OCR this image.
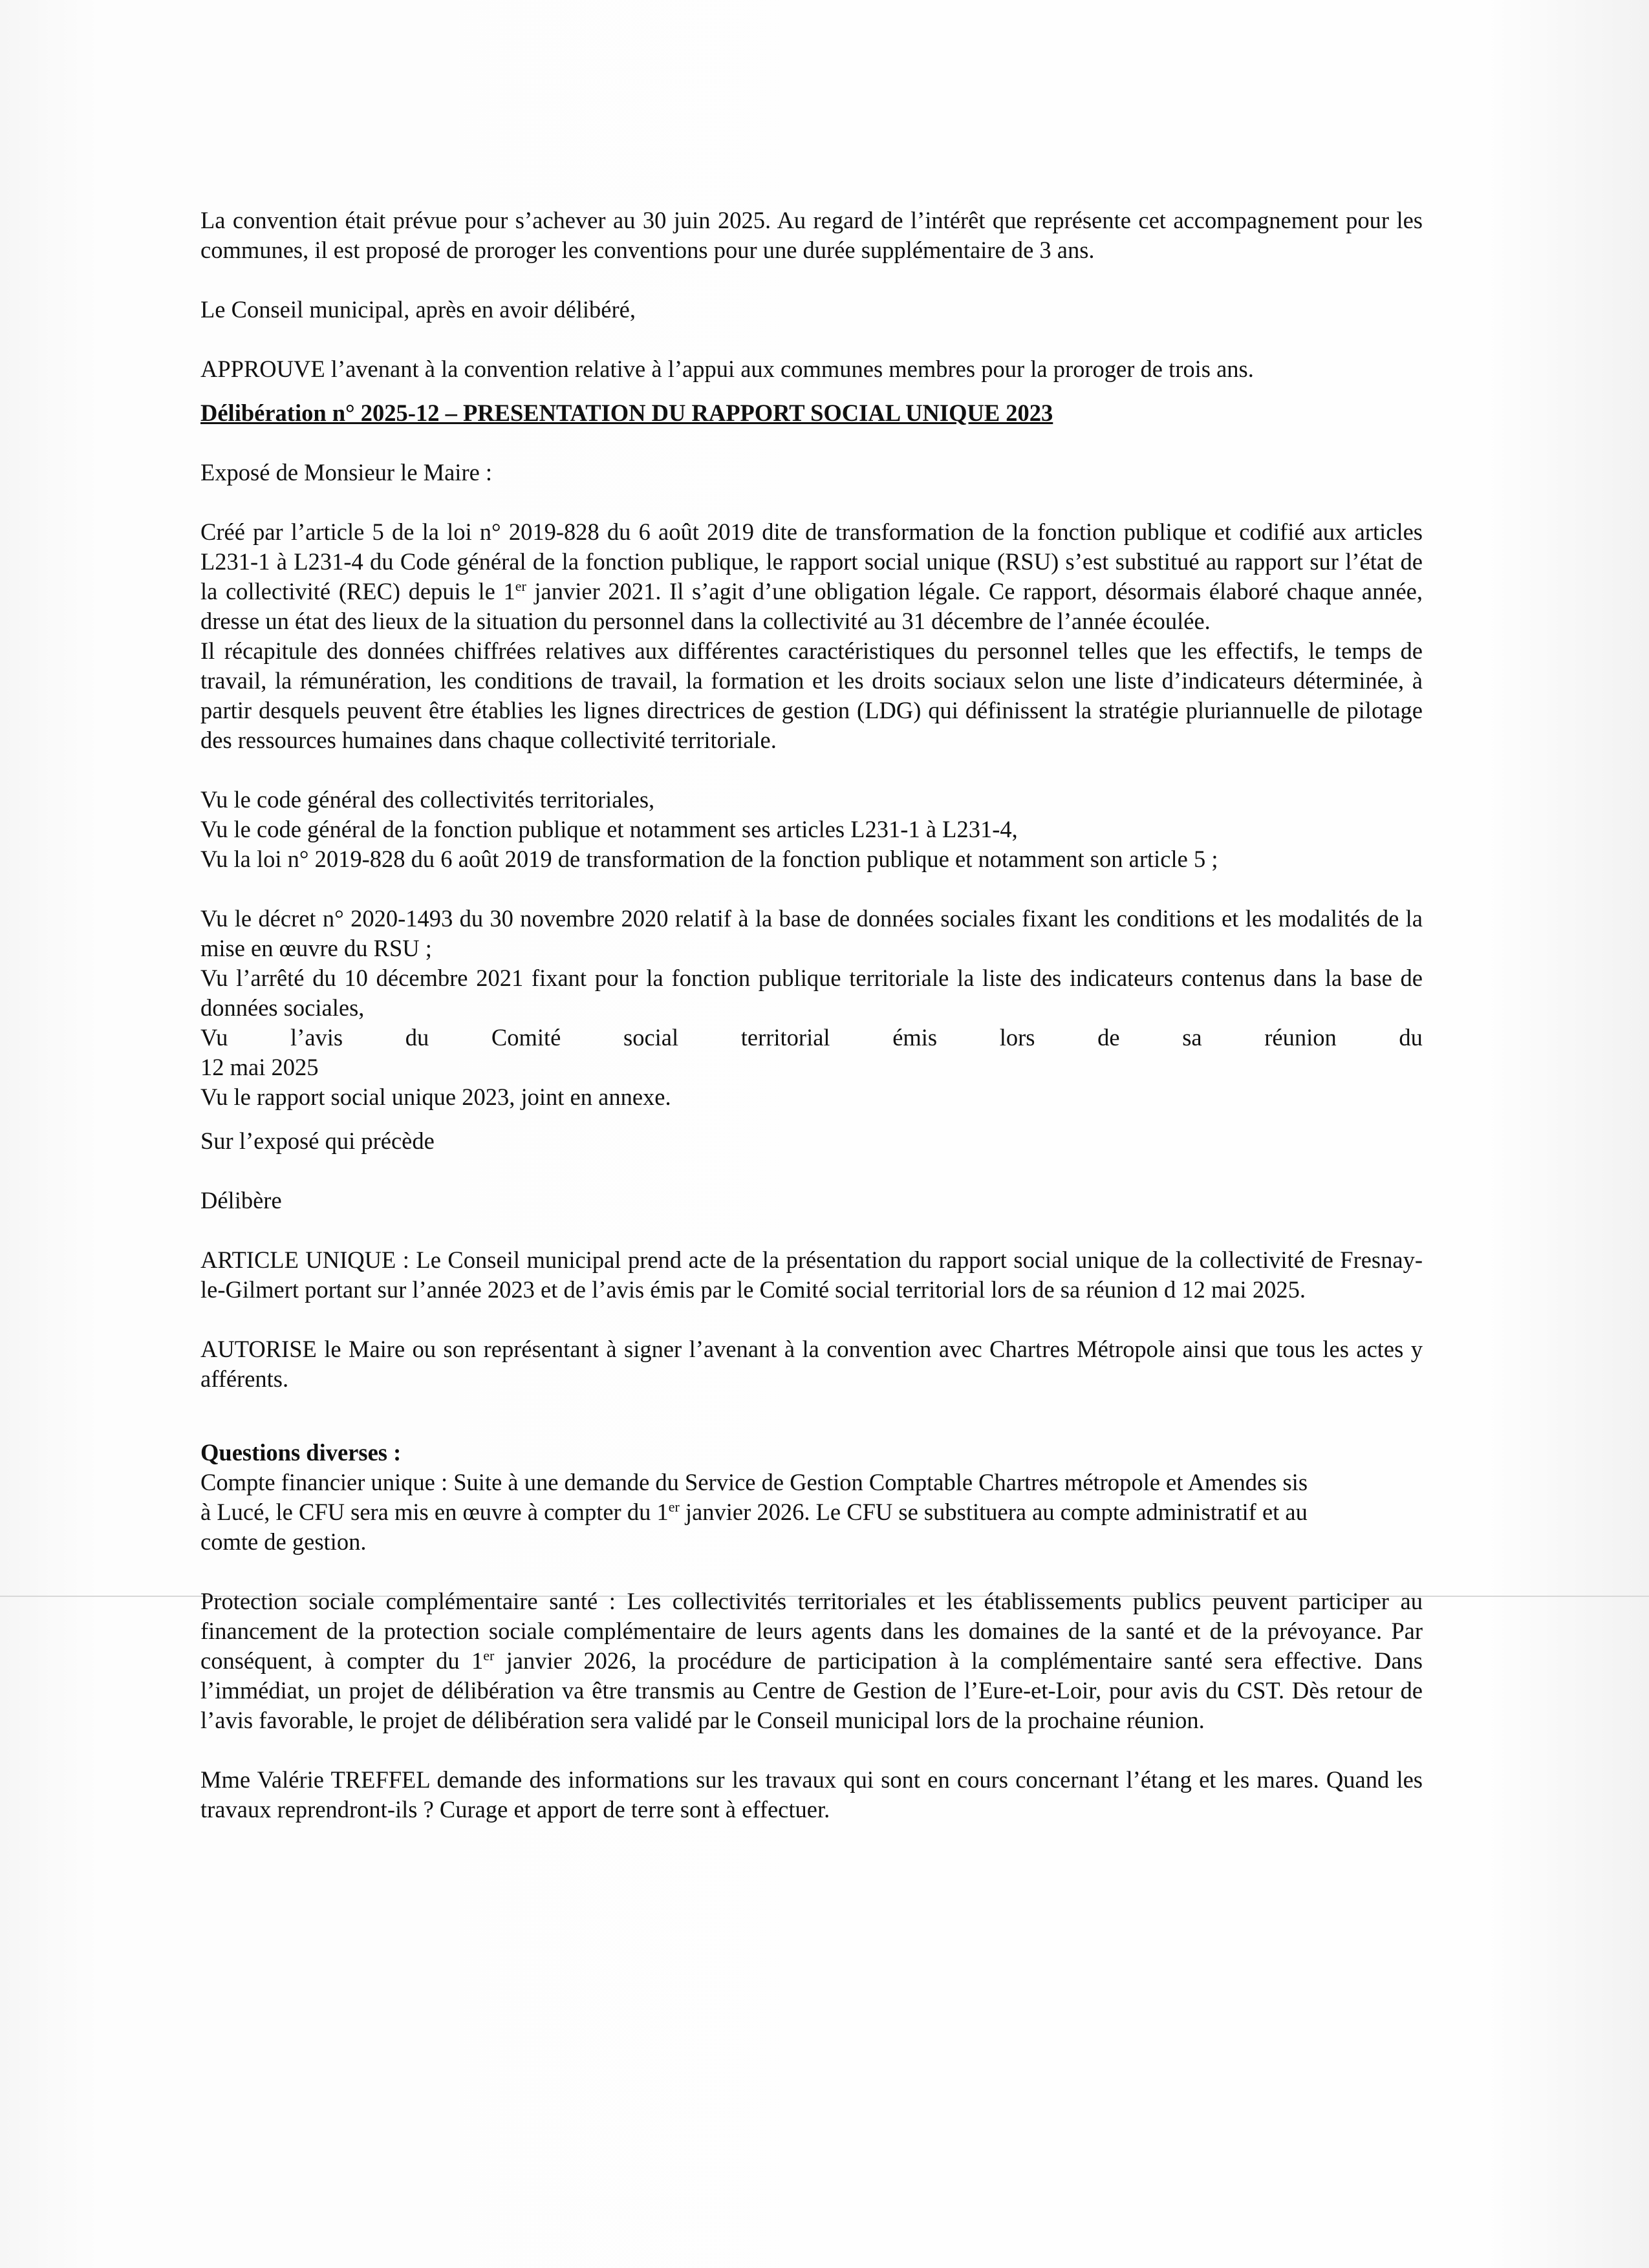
La convention était prévue pour s’achever au 30 juin 2025. Au regard de l’intérêt que représente cet accompagnement pour les communes, il est proposé de proroger les conventions pour une durée supplémentaire de 3 ans.

Le Conseil municipal, après en avoir délibéré,

APPROUVE l’avenant à la convention relative à l’appui aux communes membres pour la proroger de trois ans.

Délibération n° 2025-12 – PRESENTATION DU RAPPORT SOCIAL UNIQUE 2023

Exposé de Monsieur le Maire :

Créé par l’article 5 de la loi n° 2019-828 du 6 août 2019 dite de transformation de la fonction publique et codifié aux articles L231-1 à L231-4 du Code général de la fonction publique, le rapport social unique (RSU) s’est substitué au rapport sur l’état de la collectivité (REC) depuis le 1er janvier 2021. Il s’agit d’une obligation légale. Ce rapport, désormais élaboré chaque année, dresse un état des lieux de la situation du personnel dans la collectivité au 31 décembre de l’année écoulée.

Il récapitule des données chiffrées relatives aux différentes caractéristiques du personnel telles que les effectifs, le temps de travail, la rémunération, les conditions de travail, la formation et les droits sociaux selon une liste d’indicateurs déterminée, à partir desquels peuvent être établies les lignes directrices de gestion (LDG) qui définissent la stratégie pluriannuelle de pilotage des ressources humaines dans chaque collectivité territoriale.

Vu le code général des collectivités territoriales,

Vu le code général de la fonction publique et notamment ses articles L231-1 à L231-4,

Vu la loi n° 2019-828 du 6 août 2019 de transformation de la fonction publique et notamment son article 5 ;

Vu le décret n° 2020-1493 du 30 novembre 2020 relatif à la base de données sociales fixant les conditions et les modalités de la mise en œuvre du RSU ;

Vu l’arrêté du 10 décembre 2021 fixant pour la fonction publique territoriale la liste des indicateurs contenus dans la base de données sociales,

Vu	l’avis	du	Comité	social	territorial	émis	lors	de	sa	réunion	du

12 mai 2025

Vu le rapport social unique 2023, joint en annexe.

Sur l’exposé qui précède

Délibère

ARTICLE UNIQUE : Le Conseil municipal prend acte de la présentation du rapport social unique de la collectivité de Fresnay-le-Gilmert portant sur l’année 2023 et de l’avis émis par le Comité social territorial lors de sa réunion d 12 mai 2025.

AUTORISE le Maire ou son représentant à signer l’avenant à la convention avec Chartres Métropole ainsi que tous les actes y afférents.

Questions diverses :

Compte financier unique : Suite à une demande du Service de Gestion Comptable Chartres métropole et Amendes sis à Lucé, le CFU sera mis en œuvre à compter du 1er janvier 2026. Le CFU se substituera au compte administratif et au comte de gestion.

Protection sociale complémentaire santé : Les collectivités territoriales et les établissements publics peuvent participer au financement de la protection sociale complémentaire de leurs agents dans les domaines de la santé et de la prévoyance. Par conséquent, à compter du 1er janvier 2026, la procédure de participation à la complémentaire santé sera effective. Dans l’immédiat, un projet de délibération va être transmis au Centre de Gestion de l’Eure-et-Loir, pour avis du CST. Dès retour de l’avis favorable, le projet de délibération sera validé par le Conseil municipal lors de la prochaine réunion.

Mme Valérie TREFFEL demande des informations sur les travaux qui sont en cours concernant l’étang et les mares. Quand les travaux reprendront-ils ? Curage et apport de terre sont à effectuer.
